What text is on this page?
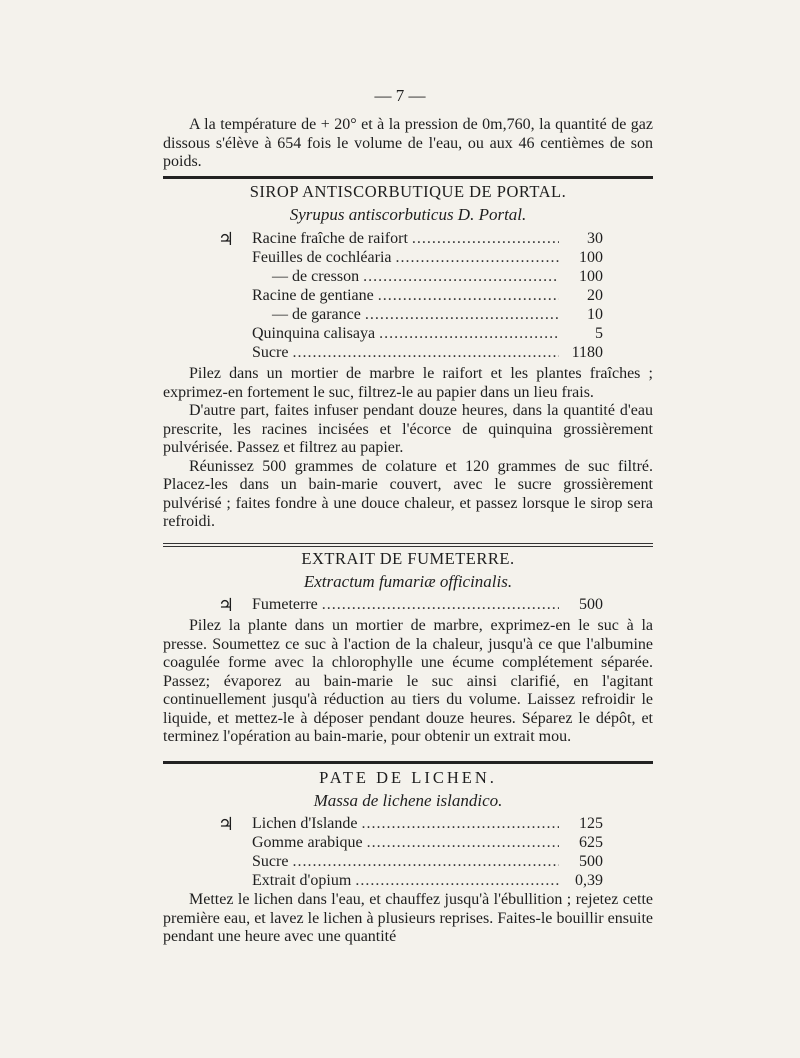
— 7 —

A la température de + 20° et à la pression de 0m,760, la quantité de gaz dissous s'élève à 654 fois le volume de l'eau, ou aux 46 centièmes de son poids.

SIROP ANTISCORBUTIQUE DE PORTAL.
Syrupus antiscorbuticus D. Portal.
♃	Racine fraîche de raifort .....	30
Feuilles de cochléaria .....	100
— de cresson .....	100
Racine de gentiane .....	20
— de garance .....	10
Quinquina calisaya .....	5
Sucre .....	1180

Pilez dans un mortier de marbre le raifort et les plantes fraîches ; exprimez-en fortement le suc, filtrez-le au papier dans un lieu frais.

D'autre part, faites infuser pendant douze heures, dans la quantité d'eau prescrite, les racines incisées et l'écorce de quinquina grossièrement pulvérisée. Passez et filtrez au papier.

Réunissez 500 grammes de colature et 120 grammes de suc filtré. Placez-les dans un bain-marie couvert, avec le sucre grossièrement pulvérisé ; faites fondre à une douce chaleur, et passez lorsque le sirop sera refroidi.

EXTRAIT DE FUMETERRE.
Extractum fumariæ officinalis.
♃	Fumeterre .....	500

Pilez la plante dans un mortier de marbre, exprimez-en le suc à la presse. Soumettez ce suc à l'action de la chaleur, jusqu'à ce que l'albumine coagulée forme avec la chlorophylle une écume complétement séparée. Passez; évaporez au bain-marie le suc ainsi clarifié, en l'agitant continuellement jusqu'à réduction au tiers du volume. Laissez refroidir le liquide, et mettez-le à déposer pendant douze heures. Séparez le dépôt, et terminez l'opération au bain-marie, pour obtenir un extrait mou.

PATE DE LICHEN.
Massa de lichene islandico.
♃	Lichen d'Islande .....	125
Gomme arabique .....	625
Sucre .....	500
Extrait d'opium .....	0,39

Mettez le lichen dans l'eau, et chauffez jusqu'à l'ébullition ; rejetez cette première eau, et lavez le lichen à plusieurs reprises. Faites-le bouillir ensuite pendant une heure avec une quantité
